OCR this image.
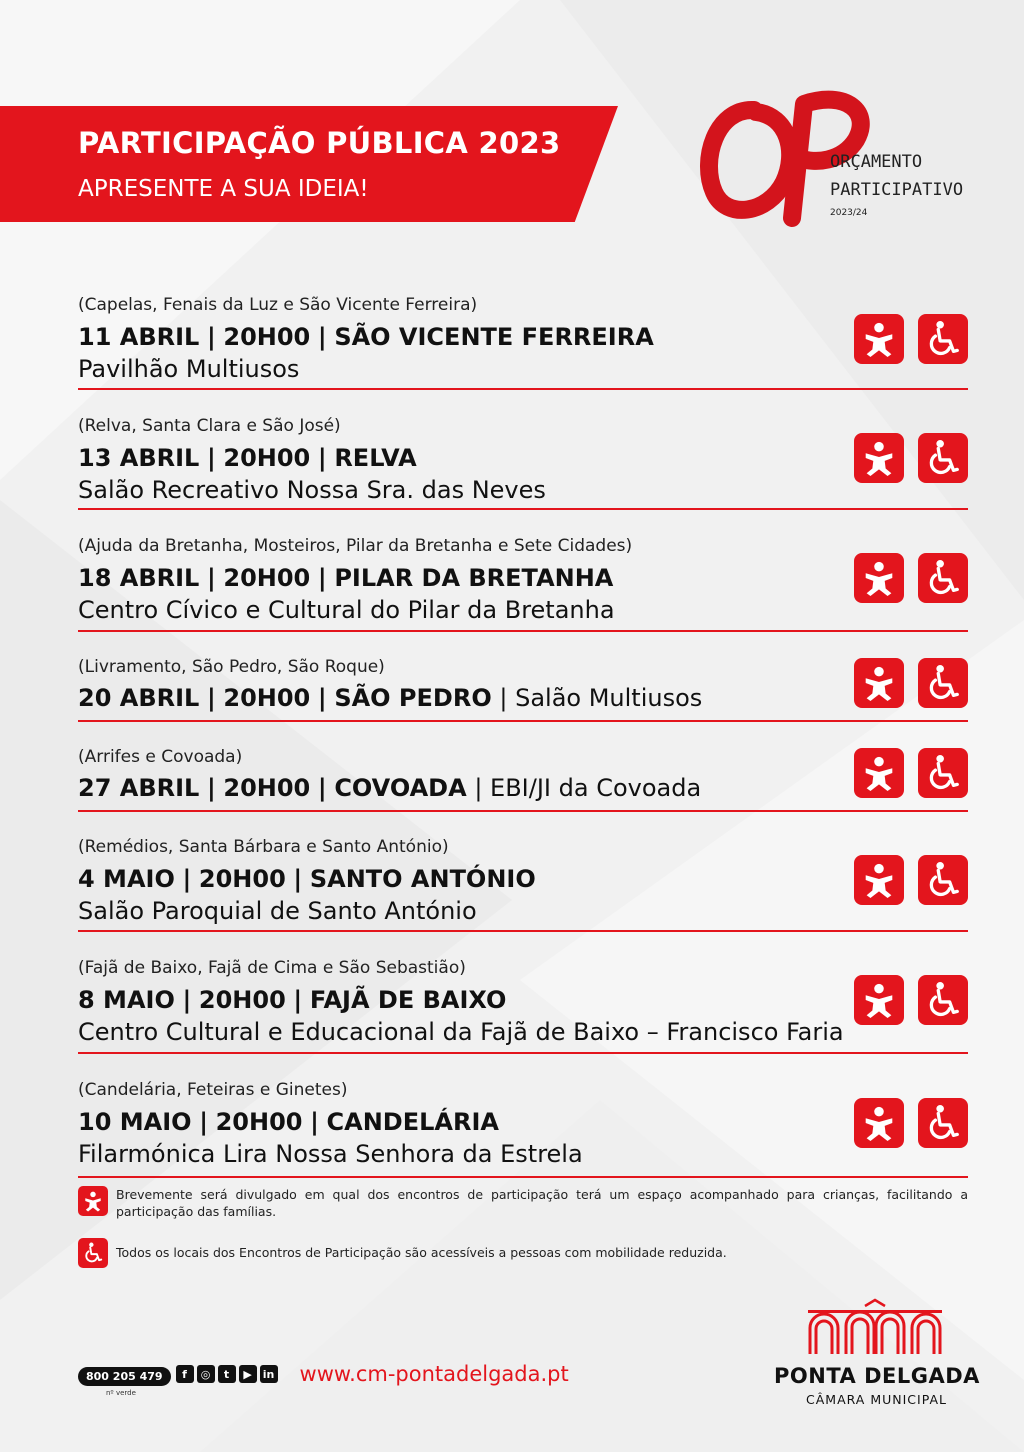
PARTICIPAÇÃO PÚBLICA 2023
APRESENTE A SUA IDEIA!
ORÇAMENTO
PARTICIPATIVO
2023/24
(Capelas, Fenais da Luz e São Vicente Ferreira)
11 ABRIL | 20H00 | SÃO VICENTE FERREIRA
Pavilhão Multiusos
(Relva, Santa Clara e São José)
13 ABRIL | 20H00 | RELVA
Salão Recreativo Nossa Sra. das Neves
(Ajuda da Bretanha, Mosteiros, Pilar da Bretanha e Sete Cidades)
18 ABRIL | 20H00 | PILAR DA BRETANHA
Centro Cívico e Cultural do Pilar da Bretanha
(Livramento, São Pedro, São Roque)
20 ABRIL | 20H00 | SÃO PEDRO | Salão Multiusos
(Arrifes e Covoada)
27 ABRIL | 20H00 | COVOADA | EBI/JI da Covoada
(Remédios, Santa Bárbara e Santo António)
4 MAIO | 20H00 | SANTO ANTÓNIO
Salão Paroquial de Santo António
(Fajã de Baixo, Fajã de Cima e São Sebastião)
8 MAIO | 20H00 | FAJÃ DE BAIXO
Centro Cultural e Educacional da Fajã de Baixo – Francisco Faria
(Candelária, Feteiras e Ginetes)
10 MAIO | 20H00 | CANDELÁRIA
Filarmónica Lira Nossa Senhora da Estrela
Brevemente será divulgado em qual dos encontros de participação terá um espaço acompanhado para crianças, facilitando a participação das famílias.
Todos os locais dos Encontros de Participação são acessíveis a pessoas com mobilidade reduzida.
800 205 479
nº verde
f	◎	t	▶ in www.cm-pontadelgada.pt	PONTA DELGADA
CÂMARA MUNICIPAL
